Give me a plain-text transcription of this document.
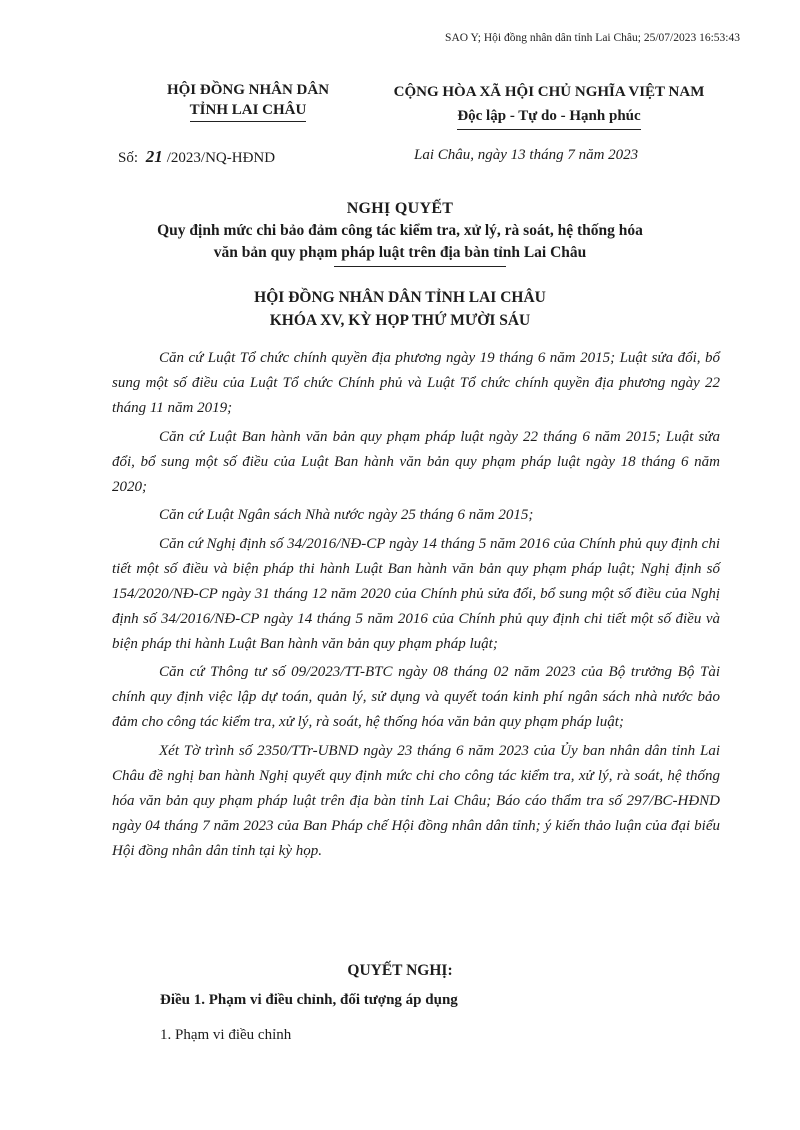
SAO Y; Hội đồng nhân dân tỉnh Lai Châu; 25/07/2023 16:53:43
HỘI ĐỒNG NHÂN DÂN
TỈNH LAI CHÂU
CỘNG HÒA XÃ HỘI CHỦ NGHĨA VIỆT NAM
Độc lập - Tự do - Hạnh phúc
Số: 21 /2023/NQ-HĐND	Lai Châu, ngày 13 tháng 7 năm 2023
NGHỊ QUYẾT
Quy định mức chi bảo đảm công tác kiểm tra, xử lý, rà soát, hệ thống hóa
văn bản quy phạm pháp luật trên địa bàn tỉnh Lai Châu
HỘI ĐỒNG NHÂN DÂN TỈNH LAI CHÂU
KHÓA XV, KỲ HỌP THỨ MƯỜI SÁU

Căn cứ Luật Tổ chức chính quyền địa phương ngày 19 tháng 6 năm 2015; Luật sửa đổi, bổ sung một số điều của Luật Tổ chức Chính phủ và Luật Tổ chức chính quyền địa phương ngày 22 tháng 11 năm 2019;

Căn cứ Luật Ban hành văn bản quy phạm pháp luật ngày 22 tháng 6 năm 2015; Luật sửa đổi, bổ sung một số điều của Luật Ban hành văn bản quy phạm pháp luật ngày 18 tháng 6 năm 2020;

Căn cứ Luật Ngân sách Nhà nước ngày 25 tháng 6 năm 2015;

Căn cứ Nghị định số 34/2016/NĐ-CP ngày 14 tháng 5 năm 2016 của Chính phủ quy định chi tiết một số điều và biện pháp thi hành Luật Ban hành văn bản quy phạm pháp luật; Nghị định số 154/2020/NĐ-CP ngày 31 tháng 12 năm 2020 của Chính phủ sửa đổi, bổ sung một số điều của Nghị định số 34/2016/NĐ-CP ngày 14 tháng 5 năm 2016 của Chính phủ quy định chi tiết một số điều và biện pháp thi hành Luật Ban hành văn bản quy phạm pháp luật;

Căn cứ Thông tư số 09/2023/TT-BTC ngày 08 tháng 02 năm 2023 của Bộ trưởng Bộ Tài chính quy định việc lập dự toán, quản lý, sử dụng và quyết toán kinh phí ngân sách nhà nước bảo đảm cho công tác kiểm tra, xử lý, rà soát, hệ thống hóa văn bản quy phạm pháp luật;

Xét Tờ trình số 2350/TTr-UBND ngày 23 tháng 6 năm 2023 của Ủy ban nhân dân tỉnh Lai Châu đề nghị ban hành Nghị quyết quy định mức chi cho công tác kiểm tra, xử lý, rà soát, hệ thống hóa văn bản quy phạm pháp luật trên địa bàn tỉnh Lai Châu; Báo cáo thẩm tra số 297/BC-HĐND ngày 04 tháng 7 năm 2023 của Ban Pháp chế Hội đồng nhân dân tỉnh; ý kiến thảo luận của đại biểu Hội đồng nhân dân tỉnh tại kỳ họp.

QUYẾT NGHỊ:
Điều 1. Phạm vi điều chỉnh, đối tượng áp dụng
1. Phạm vi điều chỉnh
